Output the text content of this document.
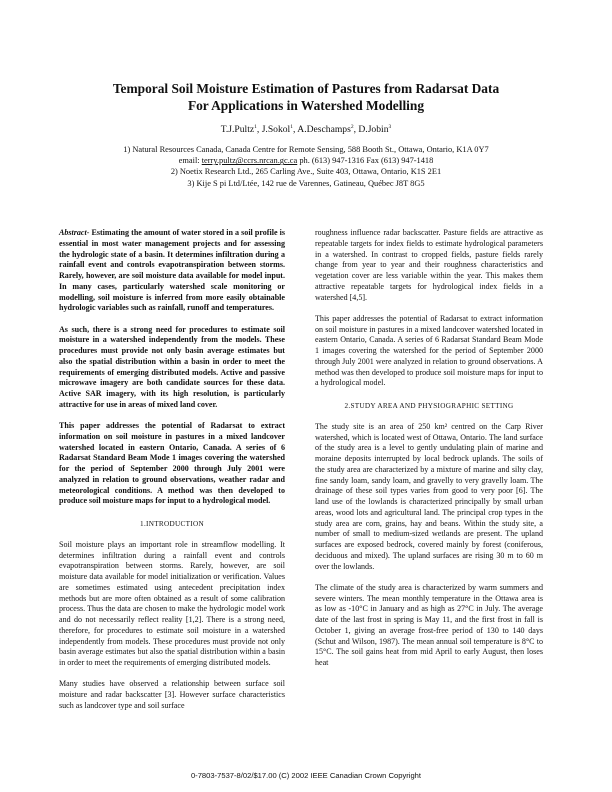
Temporal Soil Moisture Estimation of Pastures from Radarsat Data
For Applications in Watershed Modelling
T.J.Pultz$^1$, J.Sokol$^1$, A.Deschamps$^2$, D.Jobin$^3$
1) Natural Resources Canada, Canada Centre for Remote Sensing, 588 Booth St., Ottawa, Ontario, K1A 0Y7
email: terry.pultz@ccrs.nrcan.gc.ca ph. (613) 947-1316 Fax (613) 947-1418
2) Noetix Research Ltd., 265 Carling Ave., Suite 403, Ottawa, Ontario, K1S 2E1
3) Kije S pi Ltd/Ltée, 142 rue de Varennes, Gatineau, Québec J8T 8G5

Abstract- Estimating the amount of water stored in a soil profile is essential in most water management projects and for assessing the hydrologic state of a basin. It determines infiltration during a rainfall event and controls evapotranspiration between storms. Rarely, however, are soil moisture data available for model input. In many cases, particularly watershed scale monitoring or modelling, soil moisture is inferred from more easily obtainable hydrologic variables such as rainfall, runoff and temperatures.

As such, there is a strong need for procedures to estimate soil moisture in a watershed independently from the models. These procedures must provide not only basin average estimates but also the spatial distribution within a basin in order to meet the requirements of emerging distributed models. Active and passive microwave imagery are both candidate sources for these data. Active SAR imagery, with its high resolution, is particularly attractive for use in areas of mixed land cover.

This paper addresses the potential of Radarsat to extract information on soil moisture in pastures in a mixed landcover watershed located in eastern Ontario, Canada. A series of 6 Radarsat Standard Beam Mode 1 images covering the watershed for the period of September 2000 through July 2001 were analyzed in relation to ground observations, weather radar and meteorological conditions. A method was then developed to produce soil moisture maps for input to a hydrological model.

1.INTRODUCTION

Soil moisture plays an important role in streamflow modelling. It determines infiltration during a rainfall event and controls evapotranspiration between storms. Rarely, however, are soil moisture data available for model initialization or verification. Values are sometimes estimated using antecedent precipitation index methods but are more often obtained as a result of some calibration process. Thus the data are chosen to make the hydrologic model work and do not necessarily reflect reality [1,2]. There is a strong need, therefore, for procedures to estimate soil moisture in a watershed independently from models. These procedures must provide not only basin average estimates but also the spatial distribution within a basin in order to meet the requirements of emerging distributed models.

Many studies have observed a relationship between surface soil moisture and radar backscatter [3]. However surface characteristics such as landcover type and soil surface

roughness influence radar backscatter. Pasture fields are attractive as repeatable targets for index fields to estimate hydrological parameters in a watershed. In contrast to cropped fields, pasture fields rarely change from year to year and their roughness characteristics and vegetation cover are less variable within the year. This makes them attractive repeatable targets for hydrological index fields in a watershed [4,5].

This paper addresses the potential of Radarsat to extract information on soil moisture in pastures in a mixed landcover watershed located in eastern Ontario, Canada. A series of 6 Radarsat Standard Beam Mode 1 images covering the watershed for the period of September 2000 through July 2001 were analyzed in relation to ground observations. A method was then developed to produce soil moisture maps for input to a hydrological model.

2.STUDY AREA AND PHYSIOGRAPHIC SETTING

The study site is an area of 250 km² centred on the Carp River watershed, which is located west of Ottawa, Ontario. The land surface of the study area is a level to gently undulating plain of marine and moraine deposits interrupted by local bedrock uplands. The soils of the study area are characterized by a mixture of marine and silty clay, fine sandy loam, sandy loam, and gravelly to very gravelly loam. The drainage of these soil types varies from good to very poor [6]. The land use of the lowlands is characterized principally by small urban areas, wood lots and agricultural land. The principal crop types in the study area are corn, grains, hay and beans. Within the study site, a number of small to medium-sized wetlands are present. The upland surfaces are exposed bedrock, covered mainly by forest (coniferous, deciduous and mixed). The upland surfaces are rising 30 m to 60 m over the lowlands.

The climate of the study area is characterized by warm summers and severe winters. The mean monthly temperature in the Ottawa area is as low as -10°C in January and as high as 27°C in July. The average date of the last frost in spring is May 11, and the first frost in fall is October 1, giving an average frost-free period of 130 to 140 days (Schut and Wilson, 1987). The mean annual soil temperature is 8°C to 15°C. The soil gains heat from mid April to early August, then loses heat

0-7803-7537-8/02/$17.00 (C) 2002 IEEE Canadian Crown Copyright
